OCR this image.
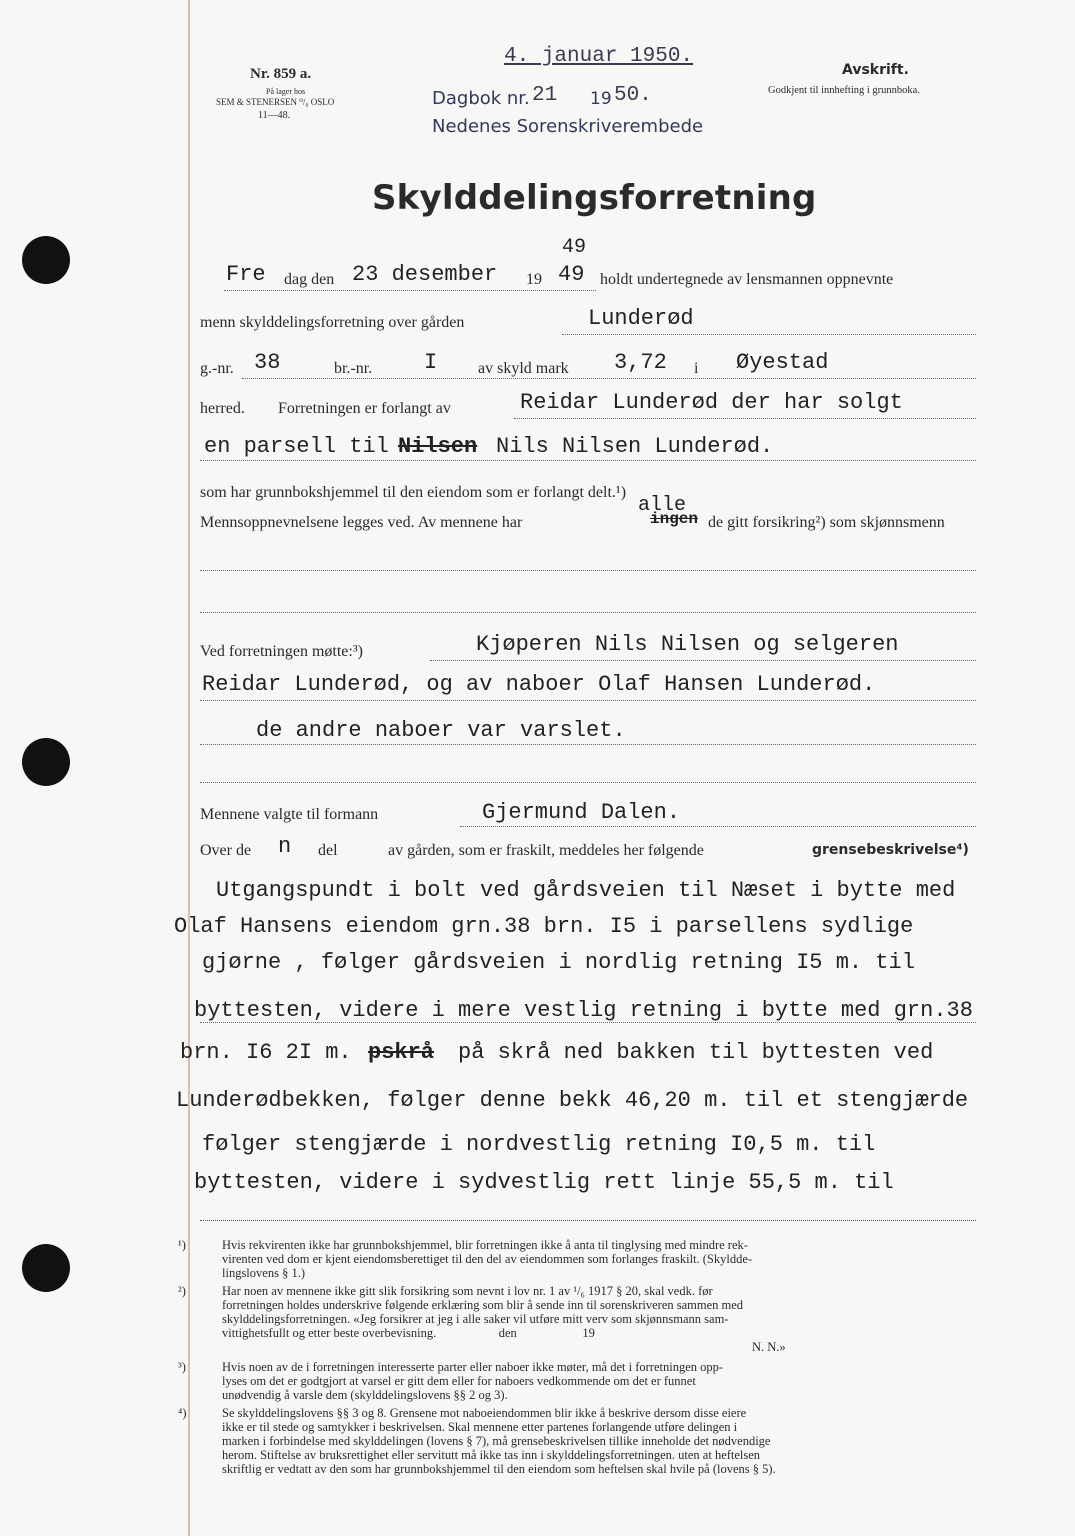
Nr. 859 a.
På lager hos
SEM & STENERSEN ⁰/₀ OSLO
11—48.
4. januar 1950.
Dagbok nr. 21 19 50.
Nedenes Sorenskriverembede
Avskrift.
Godkjent til innhefting i grunnboka.
Skylddelingsforretning
49
Fre dag den 23 desember 19 49 holdt undertegnede av lensmannen oppnevnte
menn skylddelingsforretning over gården	Lunderød
g.-nr. 38	br.-nr. I	av skyld mark 3,72 i Øyestad
herred. Forretningen er forlangt av	Reidar Lunderød der har solgt
en parsell til Nilsen Nils Nilsen Lunderød.
som har grunnbokshjemmel til den eiendom som er forlangt delt.¹)
alle
Mennsoppnevnelsene legges ved. Av mennene har	ingen de gitt forsikring²) som skjønnsmenn
Ved forretningen møtte:³)	Kjøperen Nils Nilsen og selgeren
Reidar Lunderød, og av naboer Olaf Hansen Lunderød.
de andre naboer var varslet.
Mennene valgte til formann	Gjermund Dalen.
Over de n del	av gården, som er fraskilt, meddeles her følgende	grensebeskrivelse⁴)
Utgangspundt i bolt ved gårdsveien til Næset i bytte med
Olaf Hansens eiendom grn.38 brn. I5 i parsellens sydlige
gjørne , følger gårdsveien i nordlig retning I5 m. til
byttesten, videre i mere vestlig retning i bytte med grn.38
brn. I6 2I m. pskrå på skrå ned bakken til byttesten ved
Lunderødbekken, følger denne bekk 46,20 m. til et stengjærde
følger stengjærde i nordvestlig retning I0,5 m. til
byttesten, videre i sydvestlig rett linje 55,5 m. til
¹)	Hvis rekvirenten ikke har grunnbokshjemmel, blir forretningen ikke å anta til tinglysing med mindre rek-
virenten ved dom er kjent eiendomsberettiget til den del av eiendommen som forlanges fraskilt. (Skyldde-
lingslovens § 1.)
²)	Har noen av mennene ikke gitt slik forsikring som nevnt i lov nr. 1 av ¹/₆ 1917 § 20, skal vedk. før
forretningen holdes underskrive følgende erklæring som blir å sende inn til sorenskriveren sammen med
skylddelingsforretningen. «Jeg forsikrer at jeg i alle saker vil utføre mitt verv som skjønnsmann sam-
vittighetsfullt og etter beste overbevisning.                    den                     19
N. N.»
³)	Hvis noen av de i forretningen interesserte parter eller naboer ikke møter, må det i forretningen opp-
lyses om det er godtgjort at varsel er gitt dem eller for naboers vedkommende om det er funnet
unødvendig å varsle dem (skylddelingslovens §§ 2 og 3).
⁴)	Se skylddelingslovens §§ 3 og 8. Grensene mot naboeiendommen blir ikke å beskrive dersom disse eiere
ikke er til stede og samtykker i beskrivelsen. Skal mennene etter partenes forlangende utføre delingen i
marken i forbindelse med skylddelingen (lovens § 7), må grensebeskrivelsen tillike inneholde det nødvendige
herom. Stiftelse av bruksrettighet eller servitutt må ikke tas inn i skylddelingsforretningen. uten at heftelsen
skriftlig er vedtatt av den som har grunnbokshjemmel til den eiendom som heftelsen skal hvile på (lovens § 5).
